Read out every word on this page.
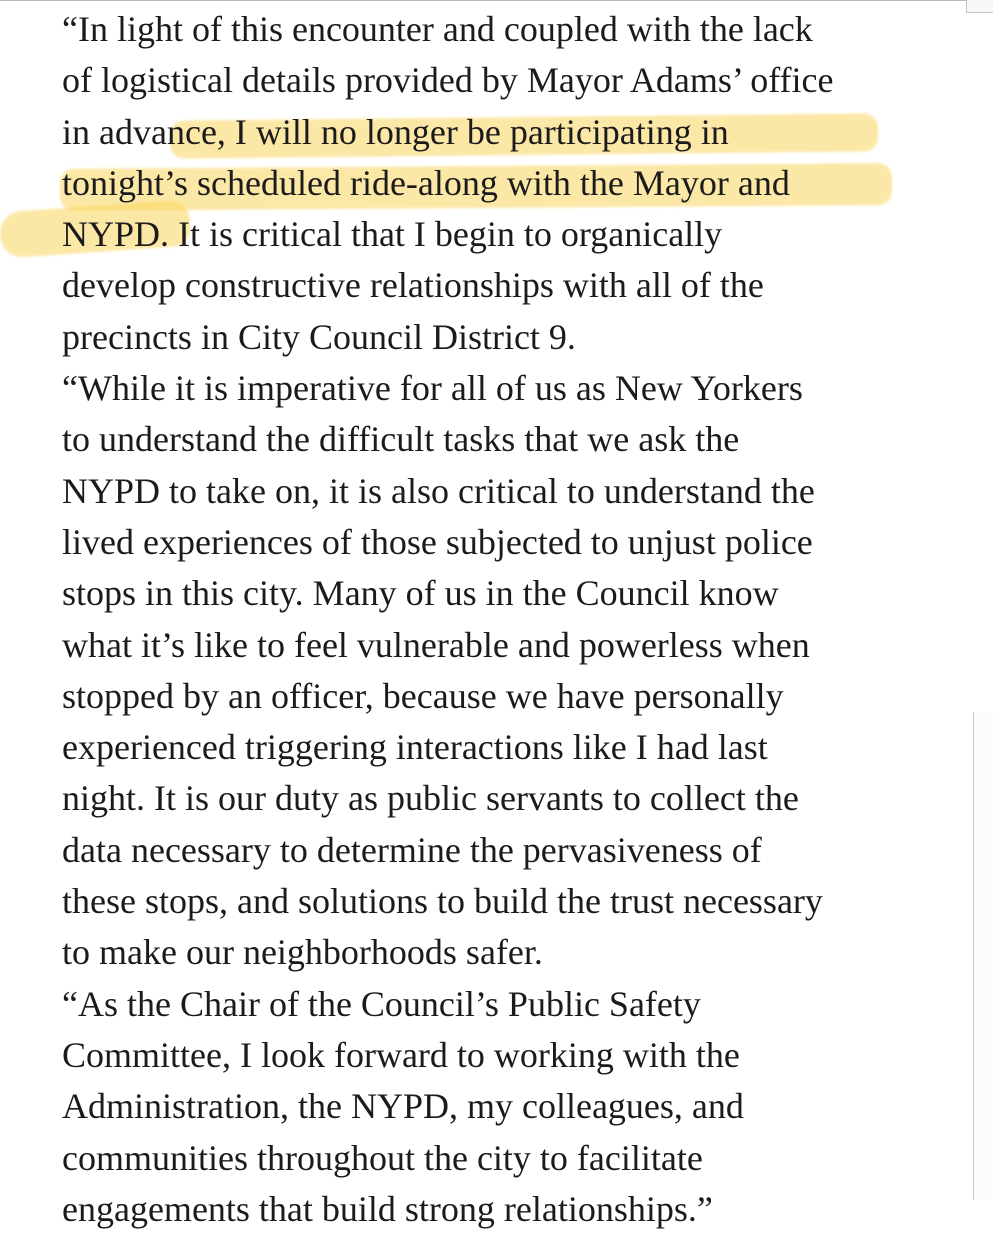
“In light of this encounter and coupled with the lack
of logistical details provided by Mayor Adams’ office
in advance, I will no longer be participating in
tonight’s scheduled ride-along with the Mayor and
NYPD. It is critical that I begin to organically
develop constructive relationships with all of the
precincts in City Council District 9.
“While it is imperative for all of us as New Yorkers
to understand the difficult tasks that we ask the
NYPD to take on, it is also critical to understand the
lived experiences of those subjected to unjust police
stops in this city. Many of us in the Council know
what it’s like to feel vulnerable and powerless when
stopped by an officer, because we have personally
experienced triggering interactions like I had last
night. It is our duty as public servants to collect the
data necessary to determine the pervasiveness of
these stops, and solutions to build the trust necessary
to make our neighborhoods safer.
“As the Chair of the Council’s Public Safety
Committee, I look forward to working with the
Administration, the NYPD, my colleagues, and
communities throughout the city to facilitate
engagements that build strong relationships.”
